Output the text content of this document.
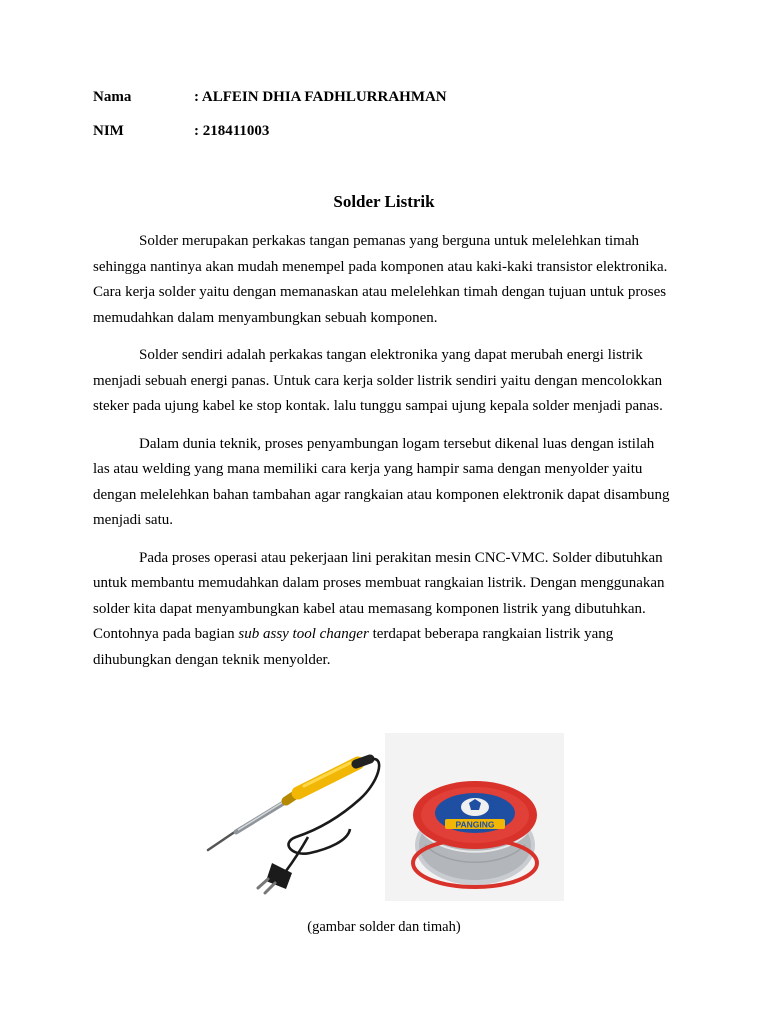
Nama	: ALFEIN DHIA FADHLURRAHMAN
NIM	: 218411003
Solder Listrik

Solder merupakan perkakas tangan pemanas yang berguna untuk melelehkan timah sehingga nantinya akan mudah menempel pada komponen atau kaki-kaki transistor elektronika. Cara kerja solder yaitu dengan memanaskan atau melelehkan timah dengan tujuan untuk proses memudahkan dalam menyambungkan sebuah komponen.

Solder sendiri adalah perkakas tangan elektronika yang dapat merubah energi listrik menjadi sebuah energi panas. Untuk cara kerja solder listrik sendiri yaitu dengan mencolokkan steker pada ujung kabel ke stop kontak. lalu tunggu sampai ujung kepala solder menjadi panas.

Dalam dunia teknik, proses penyambungan logam tersebut dikenal luas dengan istilah las atau welding yang mana memiliki cara kerja yang hampir sama dengan menyolder yaitu dengan melelehkan bahan tambahan agar rangkaian atau komponen elektronik dapat disambung menjadi satu.

Pada proses operasi atau pekerjaan lini perakitan mesin CNC-VMC. Solder dibutuhkan untuk membantu memudahkan dalam proses membuat rangkaian listrik. Dengan menggunakan solder kita dapat menyambungkan kabel atau memasang komponen listrik yang dibutuhkan. Contohnya pada bagian sub assy tool changer terdapat beberapa rangkaian listrik yang dihubungkan dengan teknik menyolder.

PANGING
(gambar solder dan timah)
